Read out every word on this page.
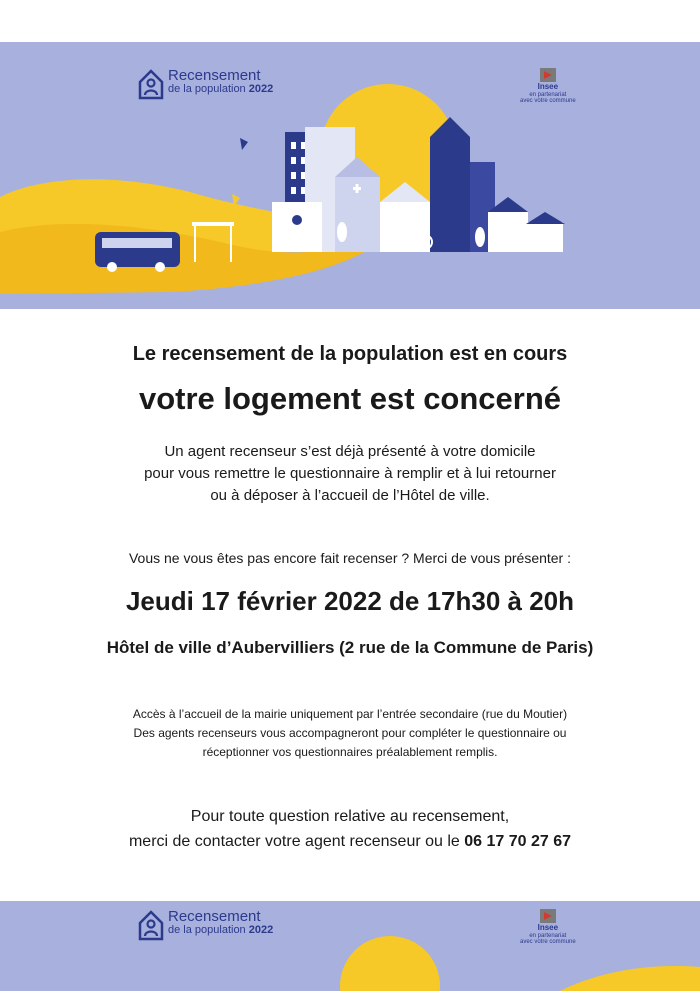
Recensement
de la population 2022	Insee
en partenariat
avec votre commune
Le recensement de la population est en cours
votre logement est concerné
Un agent recenseur s’est déjà présenté à votre domicile
pour vous remettre le questionnaire à remplir et à lui retourner
ou à déposer à l’accueil de l’Hôtel de ville.
Vous ne vous êtes pas encore fait recenser ? Merci de vous présenter :
Jeudi 17 février 2022 de 17h30 à 20h
Hôtel de ville d’Aubervilliers (2 rue de la Commune de Paris)
Accès à l’accueil de la mairie uniquement par l’entrée secondaire (rue du Moutier)
Des agents recenseurs vous accompagneront pour compléter le questionnaire ou
réceptionner vos questionnaires préalablement remplis.
Pour toute question relative au recensement,
merci de contacter votre agent recenseur ou le 06 17 70 27 67
Recensement
de la population 2022	Insee
en partenariat
avec votre commune
